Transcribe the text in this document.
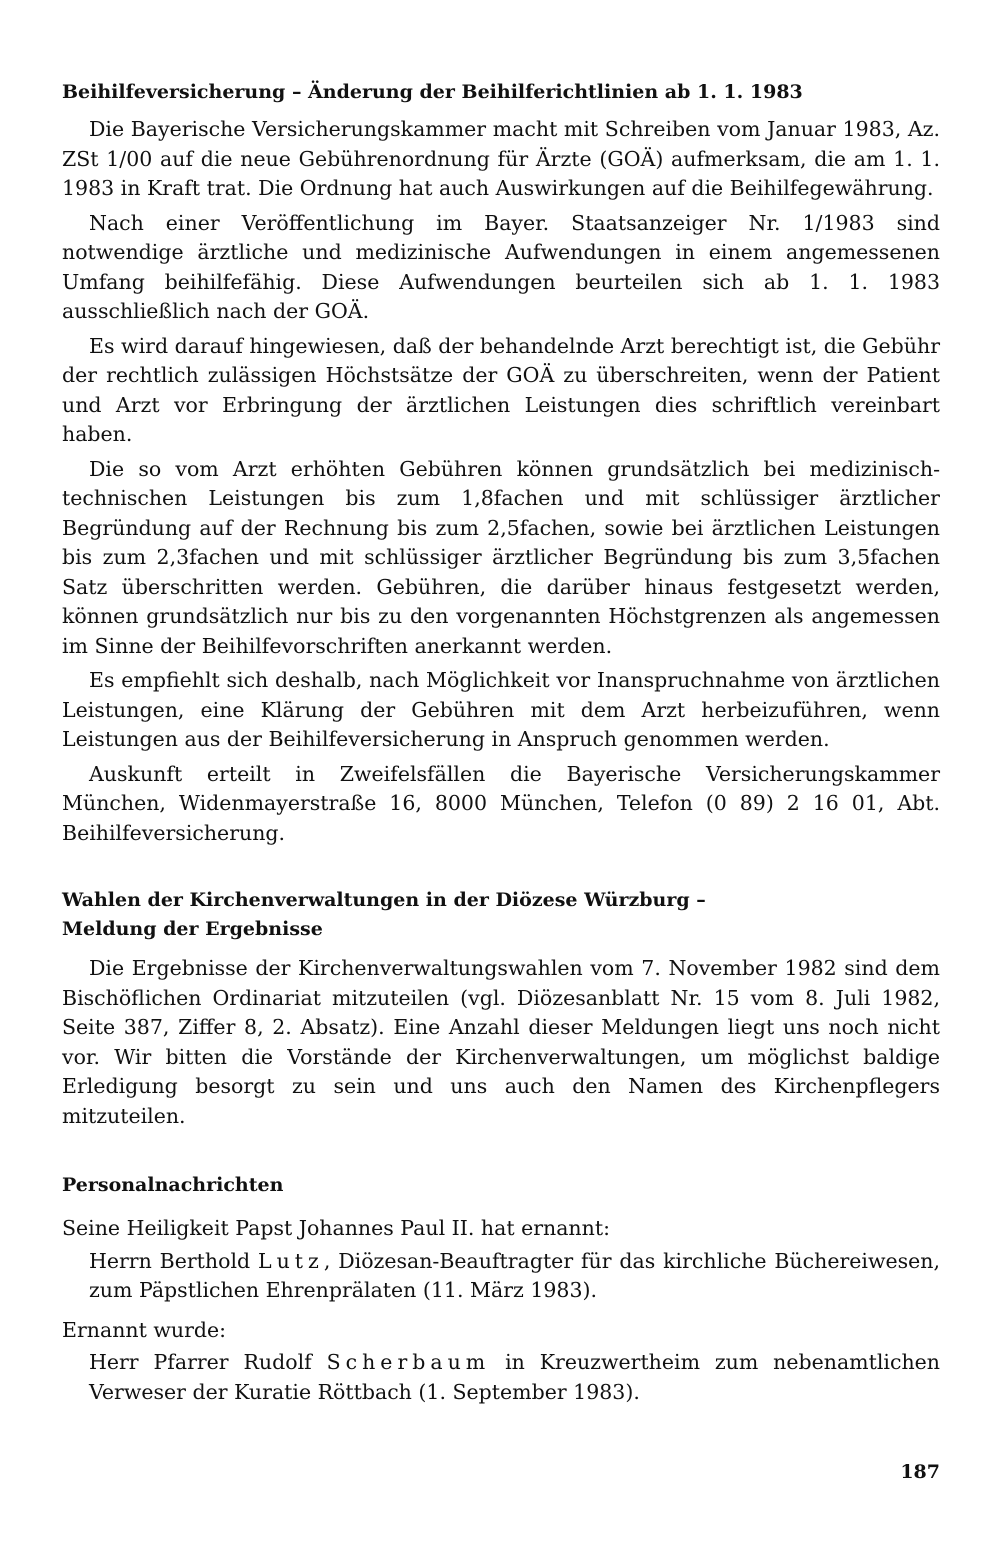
Beihilfeversicherung – Änderung der Beihilferichtlinien ab 1. 1. 1983

Die Bayerische Versicherungskammer macht mit Schreiben vom Januar 1983, Az. ZSt 1/00 auf die neue Gebührenordnung für Ärzte (GOÄ) aufmerksam, die am 1. 1. 1983 in Kraft trat. Die Ordnung hat auch Auswirkungen auf die Beihilfegewährung.

Nach einer Veröffentlichung im Bayer. Staatsanzeiger Nr. 1/1983 sind notwendige ärztliche und medizinische Aufwendungen in einem angemessenen Umfang beihilfefähig. Diese Aufwendungen beurteilen sich ab 1. 1. 1983 ausschließlich nach der GOÄ.

Es wird darauf hingewiesen, daß der behandelnde Arzt berechtigt ist, die Gebühr der rechtlich zulässigen Höchstsätze der GOÄ zu überschreiten, wenn der Patient und Arzt vor Erbringung der ärztlichen Leistungen dies schriftlich vereinbart haben.

Die so vom Arzt erhöhten Gebühren können grundsätzlich bei medizinisch-technischen Leistungen bis zum 1,8fachen und mit schlüssiger ärztlicher Begründung auf der Rechnung bis zum 2,5fachen, sowie bei ärztlichen Leistungen bis zum 2,3fachen und mit schlüssiger ärztlicher Begründung bis zum 3,5fachen Satz überschritten werden. Gebühren, die darüber hinaus festgesetzt werden, können grundsätzlich nur bis zu den vorgenannten Höchstgrenzen als angemessen im Sinne der Beihilfevorschriften anerkannt werden.

Es empfiehlt sich deshalb, nach Möglichkeit vor Inanspruchnahme von ärztlichen Leistungen, eine Klärung der Gebühren mit dem Arzt herbeizuführen, wenn Leistungen aus der Beihilfeversicherung in Anspruch genommen werden.

Auskunft erteilt in Zweifelsfällen die Bayerische Versicherungskammer München, Widenmayerstraße 16, 8000 München, Telefon (0 89) 2 16 01, Abt. Beihilfeversicherung.

Wahlen der Kirchenverwaltungen in der Diözese Würzburg –
Meldung der Ergebnisse

Die Ergebnisse der Kirchenverwaltungswahlen vom 7. November 1982 sind dem Bischöflichen Ordinariat mitzuteilen (vgl. Diözesanblatt Nr. 15 vom 8. Juli 1982, Seite 387, Ziffer 8, 2. Absatz). Eine Anzahl dieser Meldungen liegt uns noch nicht vor. Wir bitten die Vorstände der Kirchenverwaltungen, um möglichst baldige Erledigung besorgt zu sein und uns auch den Namen des Kirchenpflegers mitzuteilen.

Personalnachrichten
Seine Heiligkeit Papst Johannes Paul II. hat ernannt:
Herrn Berthold Lutz, Diözesan-Beauftragter für das kirchliche Büchereiwesen, zum Päpstlichen Ehrenprälaten (11. März 1983).
Ernannt wurde:
Herr Pfarrer Rudolf Scherbaum in Kreuzwertheim zum nebenamtlichen Verweser der Kuratie Röttbach (1. September 1983).
187
